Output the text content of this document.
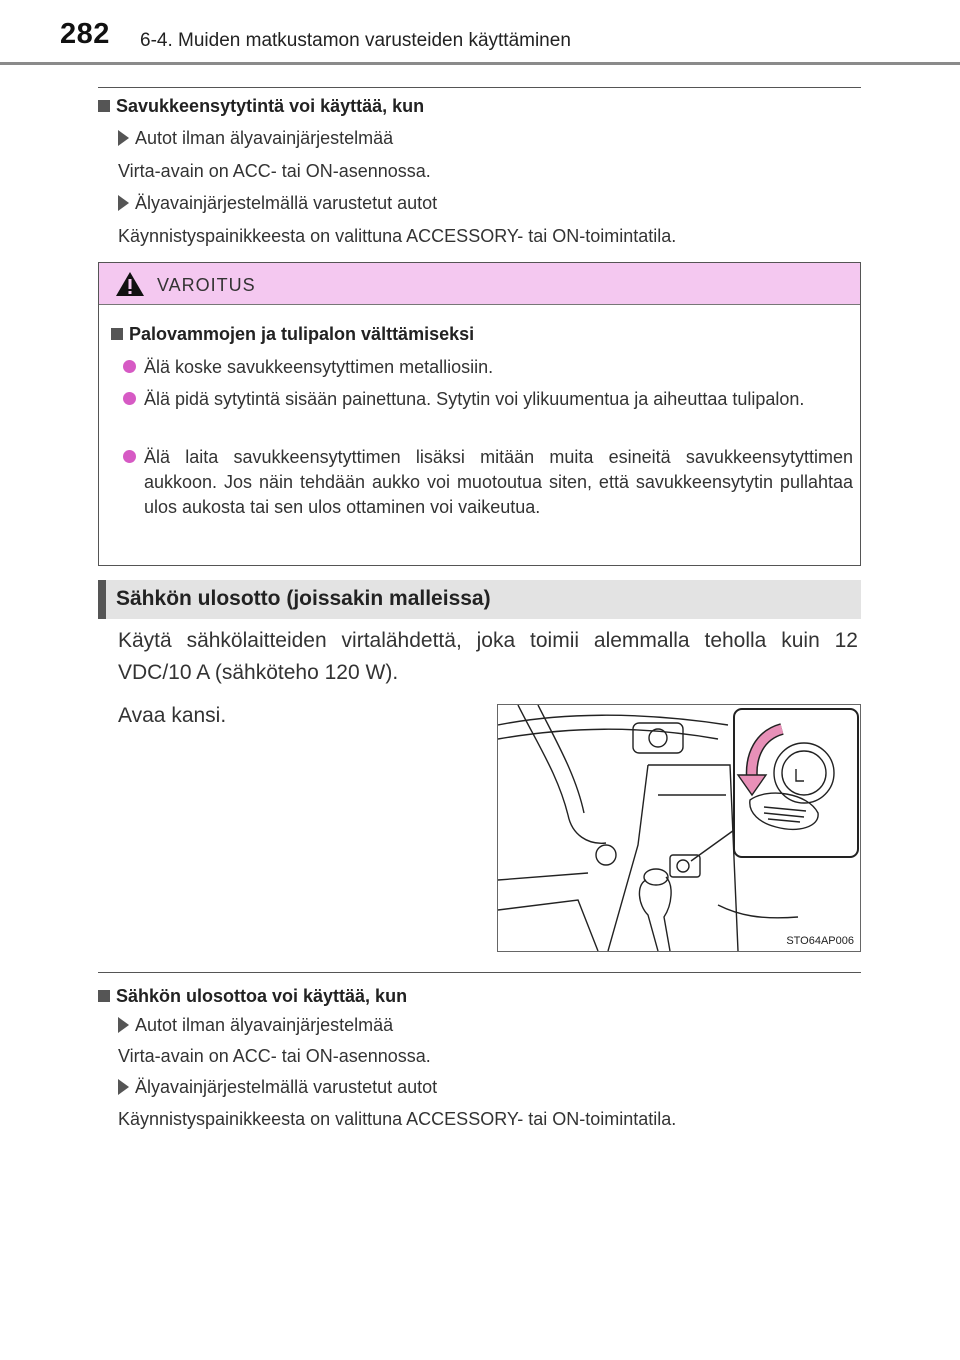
282 6-4. Muiden matkustamon varusteiden käyttäminen
Savukkeensytytintä voi käyttää, kun
Autot ilman älyavainjärjestelmää
Virta-avain on ACC- tai ON-asennossa.
Älyavainjärjestelmällä varustetut autot
Käynnistyspainikkeesta on valittuna ACCESSORY- tai ON-toimintatila.
VAROITUS
Palovammojen ja tulipalon välttämiseksi
Älä koske savukkeensytyttimen metalliosiin.
Älä pidä sytytintä sisään painettuna. Sytytin voi ylikuumentua ja aiheuttaa tulipalon.
Älä laita savukkeensytyttimen lisäksi mitään muita esineitä savukkeensytyttimen aukkoon. Jos näin tehdään aukko voi muotoutua siten, että savukkeensytytin pullahtaa ulos aukosta tai sen ulos ottaminen voi vaikeutua.
Sähkön ulosotto (joissakin malleissa)
Käytä sähkölaitteiden virtalähdettä, joka toimii alemmalla teholla kuin 12 VDC/10 A (sähköteho 120 W).
Avaa kansi.
STO64AP006
Sähkön ulosottoa voi käyttää, kun
Autot ilman älyavainjärjestelmää
Virta-avain on ACC- tai ON-asennossa.
Älyavainjärjestelmällä varustetut autot
Käynnistyspainikkeesta on valittuna ACCESSORY- tai ON-toimintatila.
